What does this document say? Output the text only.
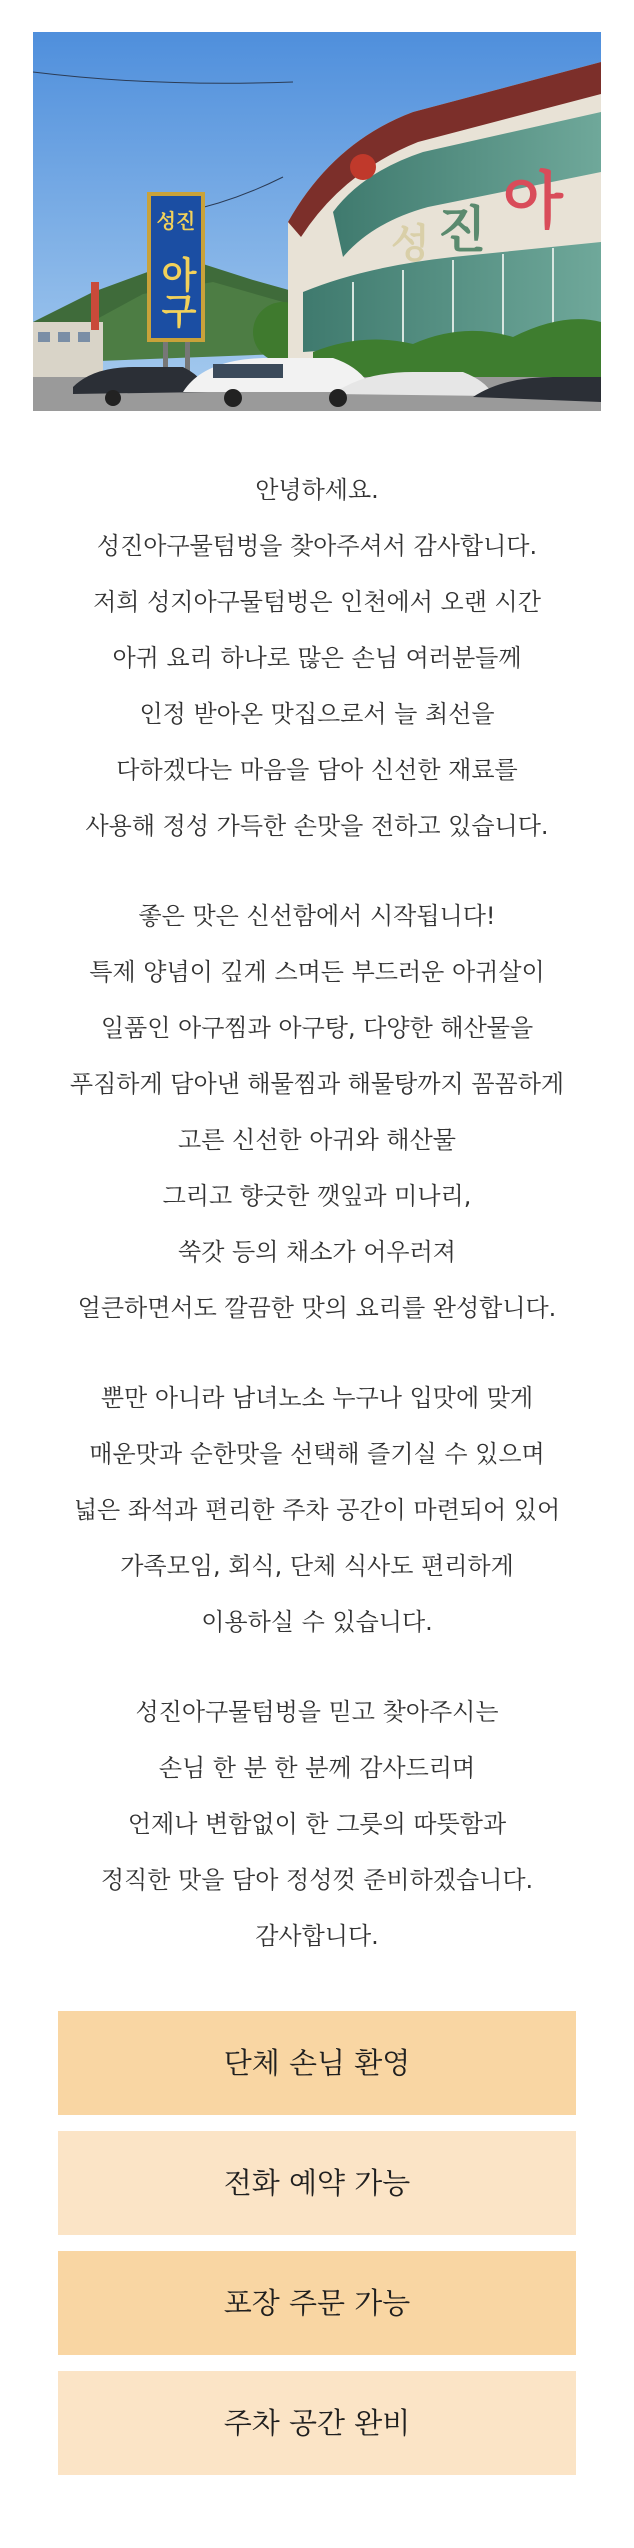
성진
아구
성 진 아
안녕하세요.
성진아구물텀벙을 찾아주셔서 감사합니다.
저희 성지아구물텀벙은 인천에서 오랜 시간
아귀 요리 하나로 많은 손님 여러분들께
인정 받아온 맛집으로서 늘 최선을
다하겠다는 마음을 담아 신선한 재료를
사용해 정성 가득한 손맛을 전하고 있습니다.
좋은 맛은 신선함에서 시작됩니다!
특제 양념이 깊게 스며든 부드러운 아귀살이
일품인 아구찜과 아구탕, 다양한 해산물을
푸짐하게 담아낸 해물찜과 해물탕까지 꼼꼼하게
고른 신선한 아귀와 해산물
그리고 향긋한 깻잎과 미나리,
쑥갓 등의 채소가 어우러져
얼큰하면서도 깔끔한 맛의 요리를 완성합니다.
뿐만 아니라 남녀노소 누구나 입맛에 맞게
매운맛과 순한맛을 선택해 즐기실 수 있으며
넓은 좌석과 편리한 주차 공간이 마련되어 있어
가족모임, 회식, 단체 식사도 편리하게
이용하실 수 있습니다.
성진아구물텀벙을 믿고 찾아주시는
손님 한 분 한 분께 감사드리며
언제나 변함없이 한 그릇의 따뜻함과
정직한 맛을 담아 정성껏 준비하겠습니다.
감사합니다.
단체 손님 환영
전화 예약 가능
포장 주문 가능
주차 공간 완비
